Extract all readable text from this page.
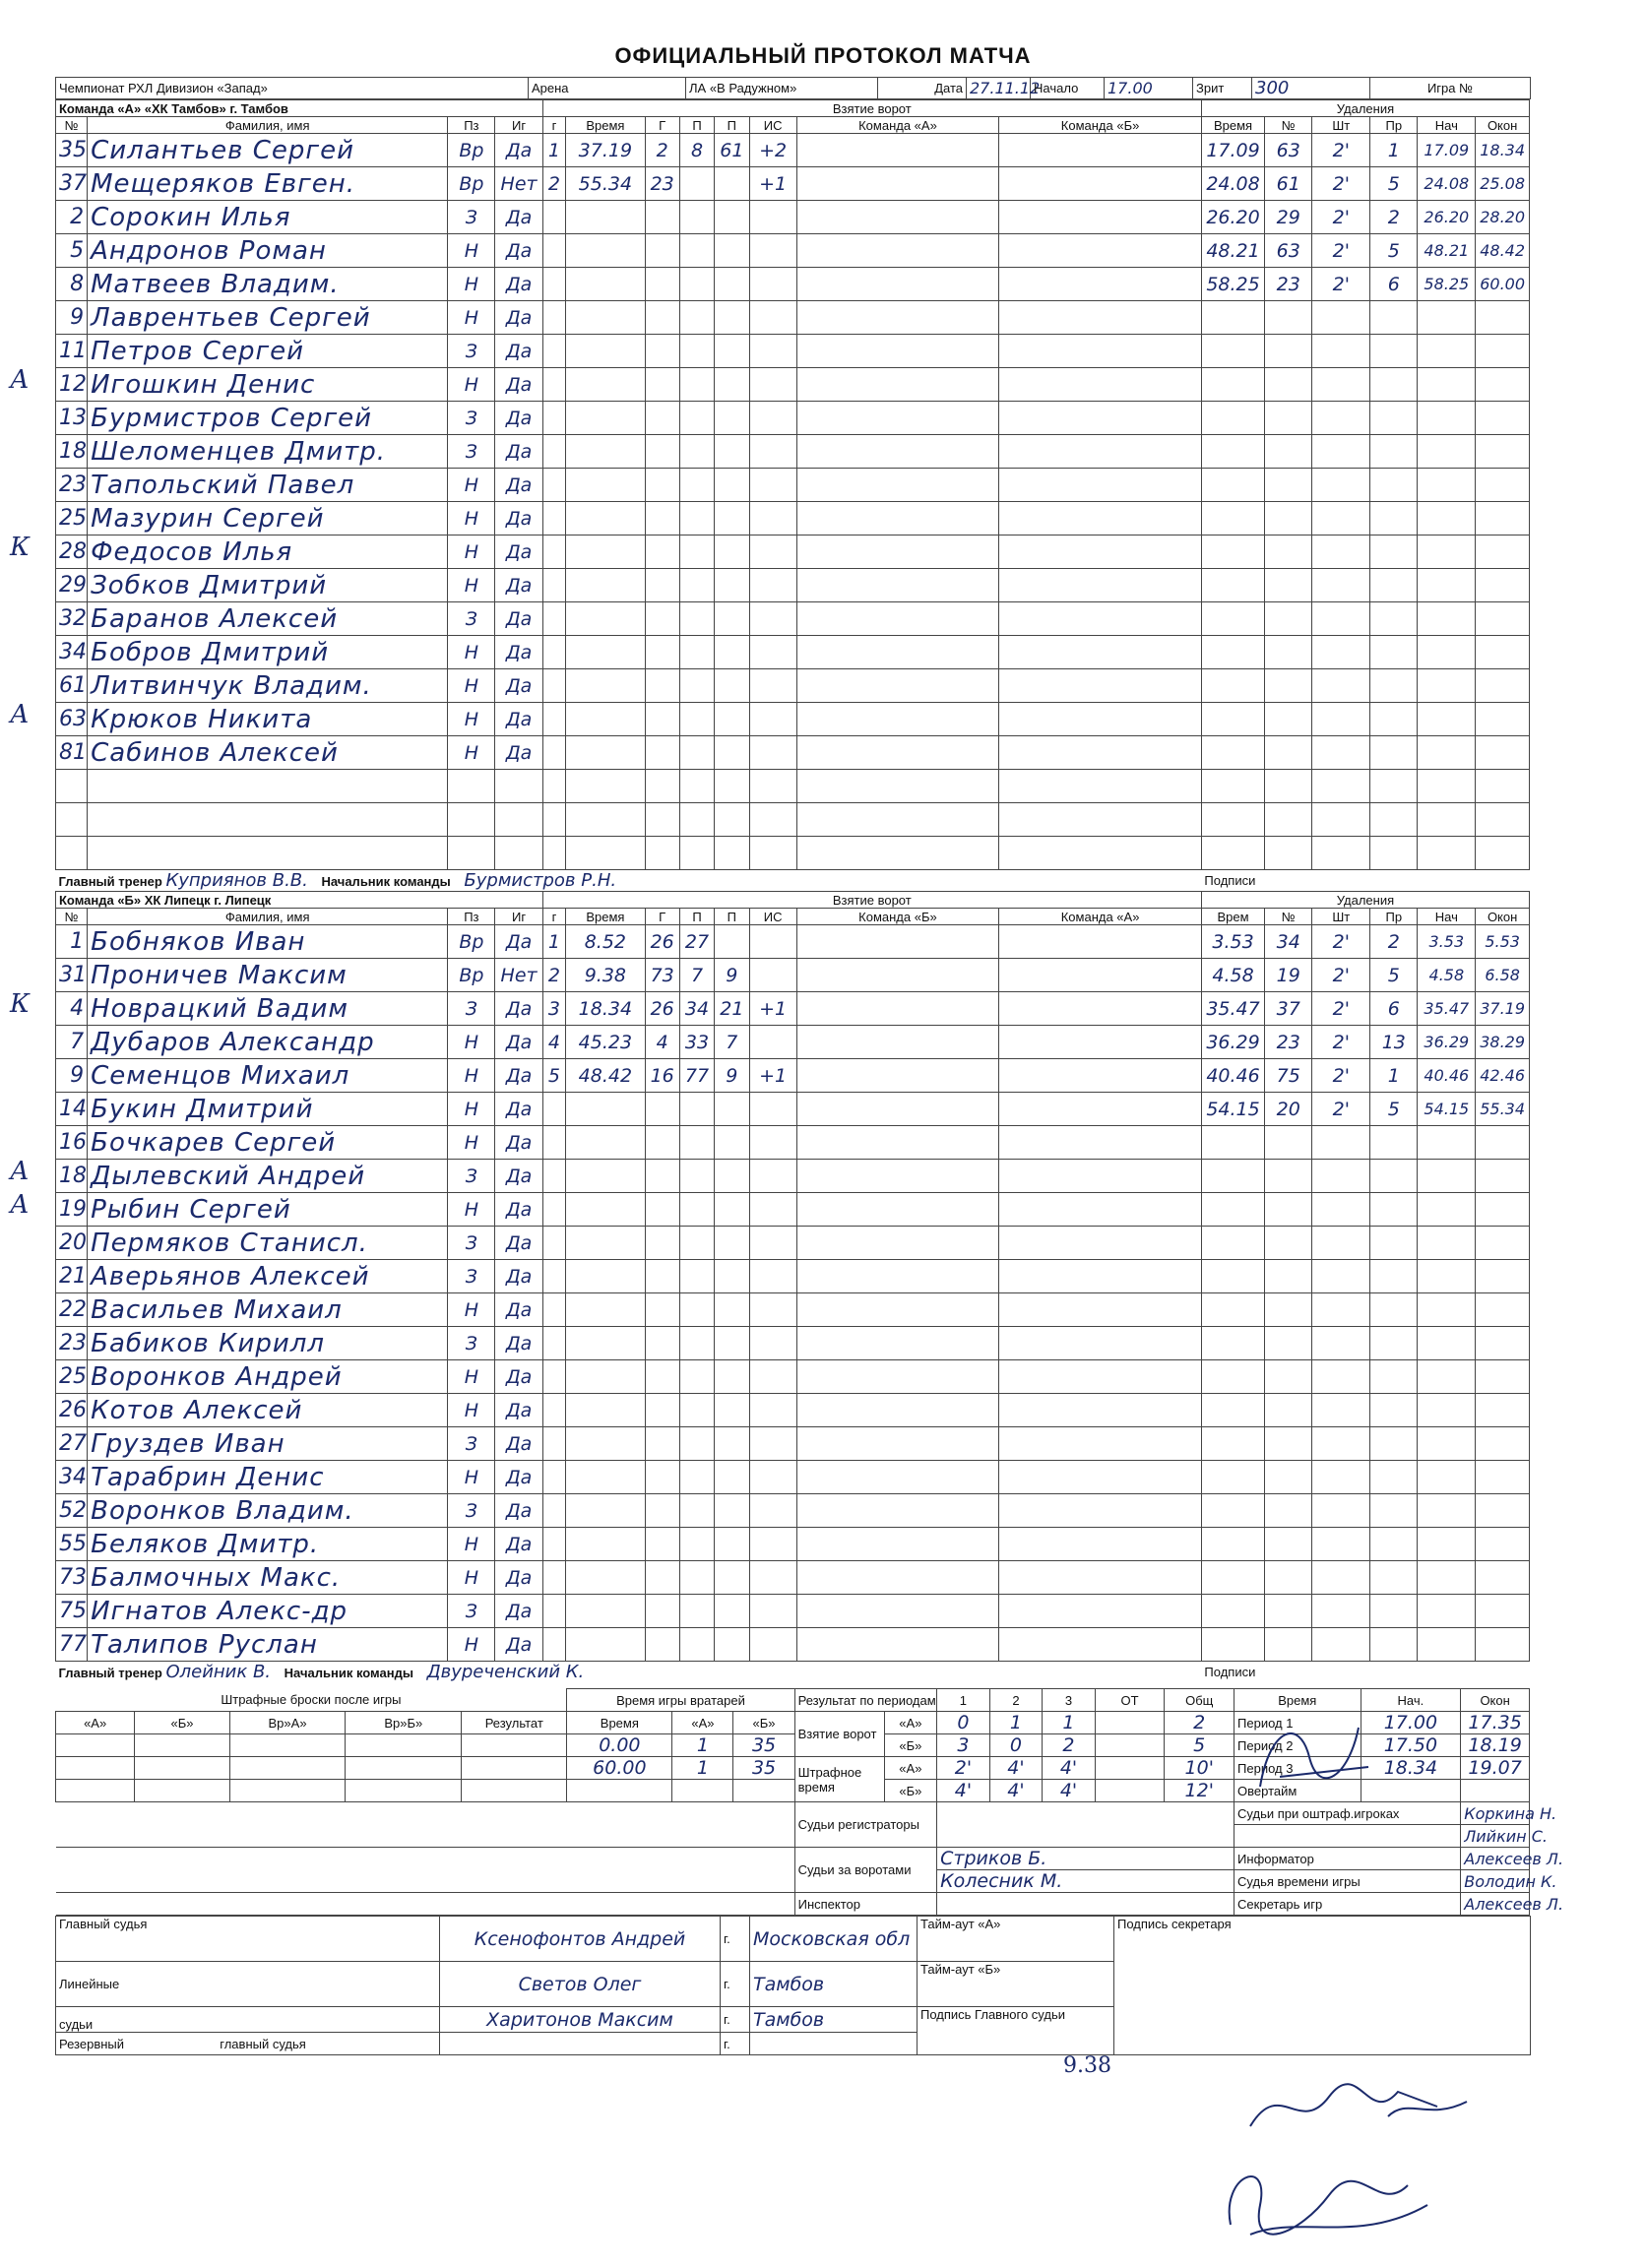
ОФИЦИАЛЬНЫЙ ПРОТОКОЛ МАТЧА
Чемпионат РХЛ Дивизион «Запад»	Арена	ЛА «В Радужном»	Дата	27.11.12	Начало	17.00	Зрит	300	Игра №
Команда «А» «ХК Тамбов» г. Тамбов				Взятие ворот								Удаления					
№	Фамилия, имя	Пз	Иг	г	Время	Г	П	П	ИС	Команда «А»	Команда «Б»	Время	№	Шт	Пр	Нач	Окон
35	Силантьев Сергей	Вр	Да	1	37.19	2	8	61	+2			17.09	63	2'	1	17.09	18.34
37	Мещеряков Евген.	Вр	Нет	2	55.34	23			+1			24.08	61	2'	5	24.08	25.08
2	Сорокин Илья	З	Да									26.20	29	2'	2	26.20	28.20
5	Андронов Роман	Н	Да									48.21	63	2'	5	48.21	48.42
8	Матвеев Владим.	Н	Да									58.25	23	2'	6	58.25	60.00
9	Лаврентьев Сергей	Н	Да														
11	Петров Сергей	З	Да														
12	Игошкин Денис	Н	Да														
13	Бурмистров Сергей	З	Да														
18	Шеломенцев Дмитр.	З	Да														
23	Тапольский Павел	Н	Да														
25	Мазурин Сергей	Н	Да														
28	Федосов Илья	Н	Да														
29	Зобков Дмитрий	Н	Да														
32	Баранов Алексей	З	Да														
34	Бобров Дмитрий	Н	Да														
61	Литвинчук Владим.	Н	Да														
63	Крюков Никита	Н	Да														
81	Сабинов Алексей	Н	Да														

Главный тренер Куприянов В.В. Начальник команды Бурмистров Р.Н.												Подписи					
Команда «Б» ХК Липецк г. Липецк				Взятие ворот								Удаления					
№	Фамилия, имя	Пз	Иг	г	Время	Г	П	П	ИС	Команда «Б»	Команда «А»	Врем	№	Шт	Пр	Нач	Окон
1	Бобняков Иван	Вр	Да	1	8.52	26	27					3.53	34	2'	2	3.53	5.53
31	Проничев Максим	Вр	Нет	2	9.38	73	7	9				4.58	19	2'	5	4.58	6.58
4	Новрацкий Вадим	З	Да	3	18.34	26	34	21	+1			35.47	37	2'	6	35.47	37.19
7	Дубаров Александр	Н	Да	4	45.23	4	33	7				36.29	23	2'	13	36.29	38.29
9	Семенцов Михаил	Н	Да	5	48.42	16	77	9	+1			40.46	75	2'	1	40.46	42.46
14	Букин Дмитрий	Н	Да									54.15	20	2'	5	54.15	55.34
16	Бочкарев Сергей	Н	Да														
18	Дылевский Андрей	З	Да														
19	Рыбин Сергей	Н	Да														
20	Пермяков Станисл.	З	Да														
21	Аверьянов Алексей	З	Да														
22	Васильев Михаил	Н	Да														
23	Бабиков Кирилл	З	Да														
25	Воронков Андрей	Н	Да														
26	Котов Алексей	Н	Да														
27	Груздев Иван	З	Да														
34	Тарабрин Денис	Н	Да														
52	Воронков Владим.	З	Да														
55	Беляков Дмитр.	Н	Да														
73	Балмочных Макс.	Н	Да														
75	Игнатов Алекс-др	З	Да														
77	Талипов Руслан	Н	Да														
Главный тренер Олейник В. Начальник команды Двуреченский К.												Подписи					
Штрафные броски после игры					Время игры вратарей			Результат по периодам		1	2	3	ОТ	Общ	Время	Нач.	Окон
«А»	«Б»	Вр»А»	Вр»Б»	Результат	Время	«А»	«Б»	Взятие ворот	«А»	0	1	1		2	Период 1	17.00	17.35
					0.00	1	35		«Б»	3	0	2		5	Период 2	17.50	18.19
					60.00	1	35	Штрафное время	«А»	2'	4'	4'		10'	Период 3	18.34	19.07
									«Б»	4'	4'	4'		12'	Овертайм		
								Судьи регистраторы							Судьи при оштраф.игроках		Коркина Н.
																	Лийкин С.
								Судьи за воротами		Стриков Б.					Информатор		Алексеев Л.
										Колесник М.					Судья времени игры		Володин К.
								Инспектор							Секретарь игр		Алексеев Л.
Главный судья	Ксенофонтов Андрей	г.	Московская обл	Тайм-аут «А»	Подпись секретаря
Линейные	Светов Олег	г.	Тамбов	Тайм-аут «Б»	
судьи	Харитонов Максим	г.	Тамбов	Подпись Главного судьи	
Резервный главный судья		г.			
9.38
А
К
А
К
А
А
